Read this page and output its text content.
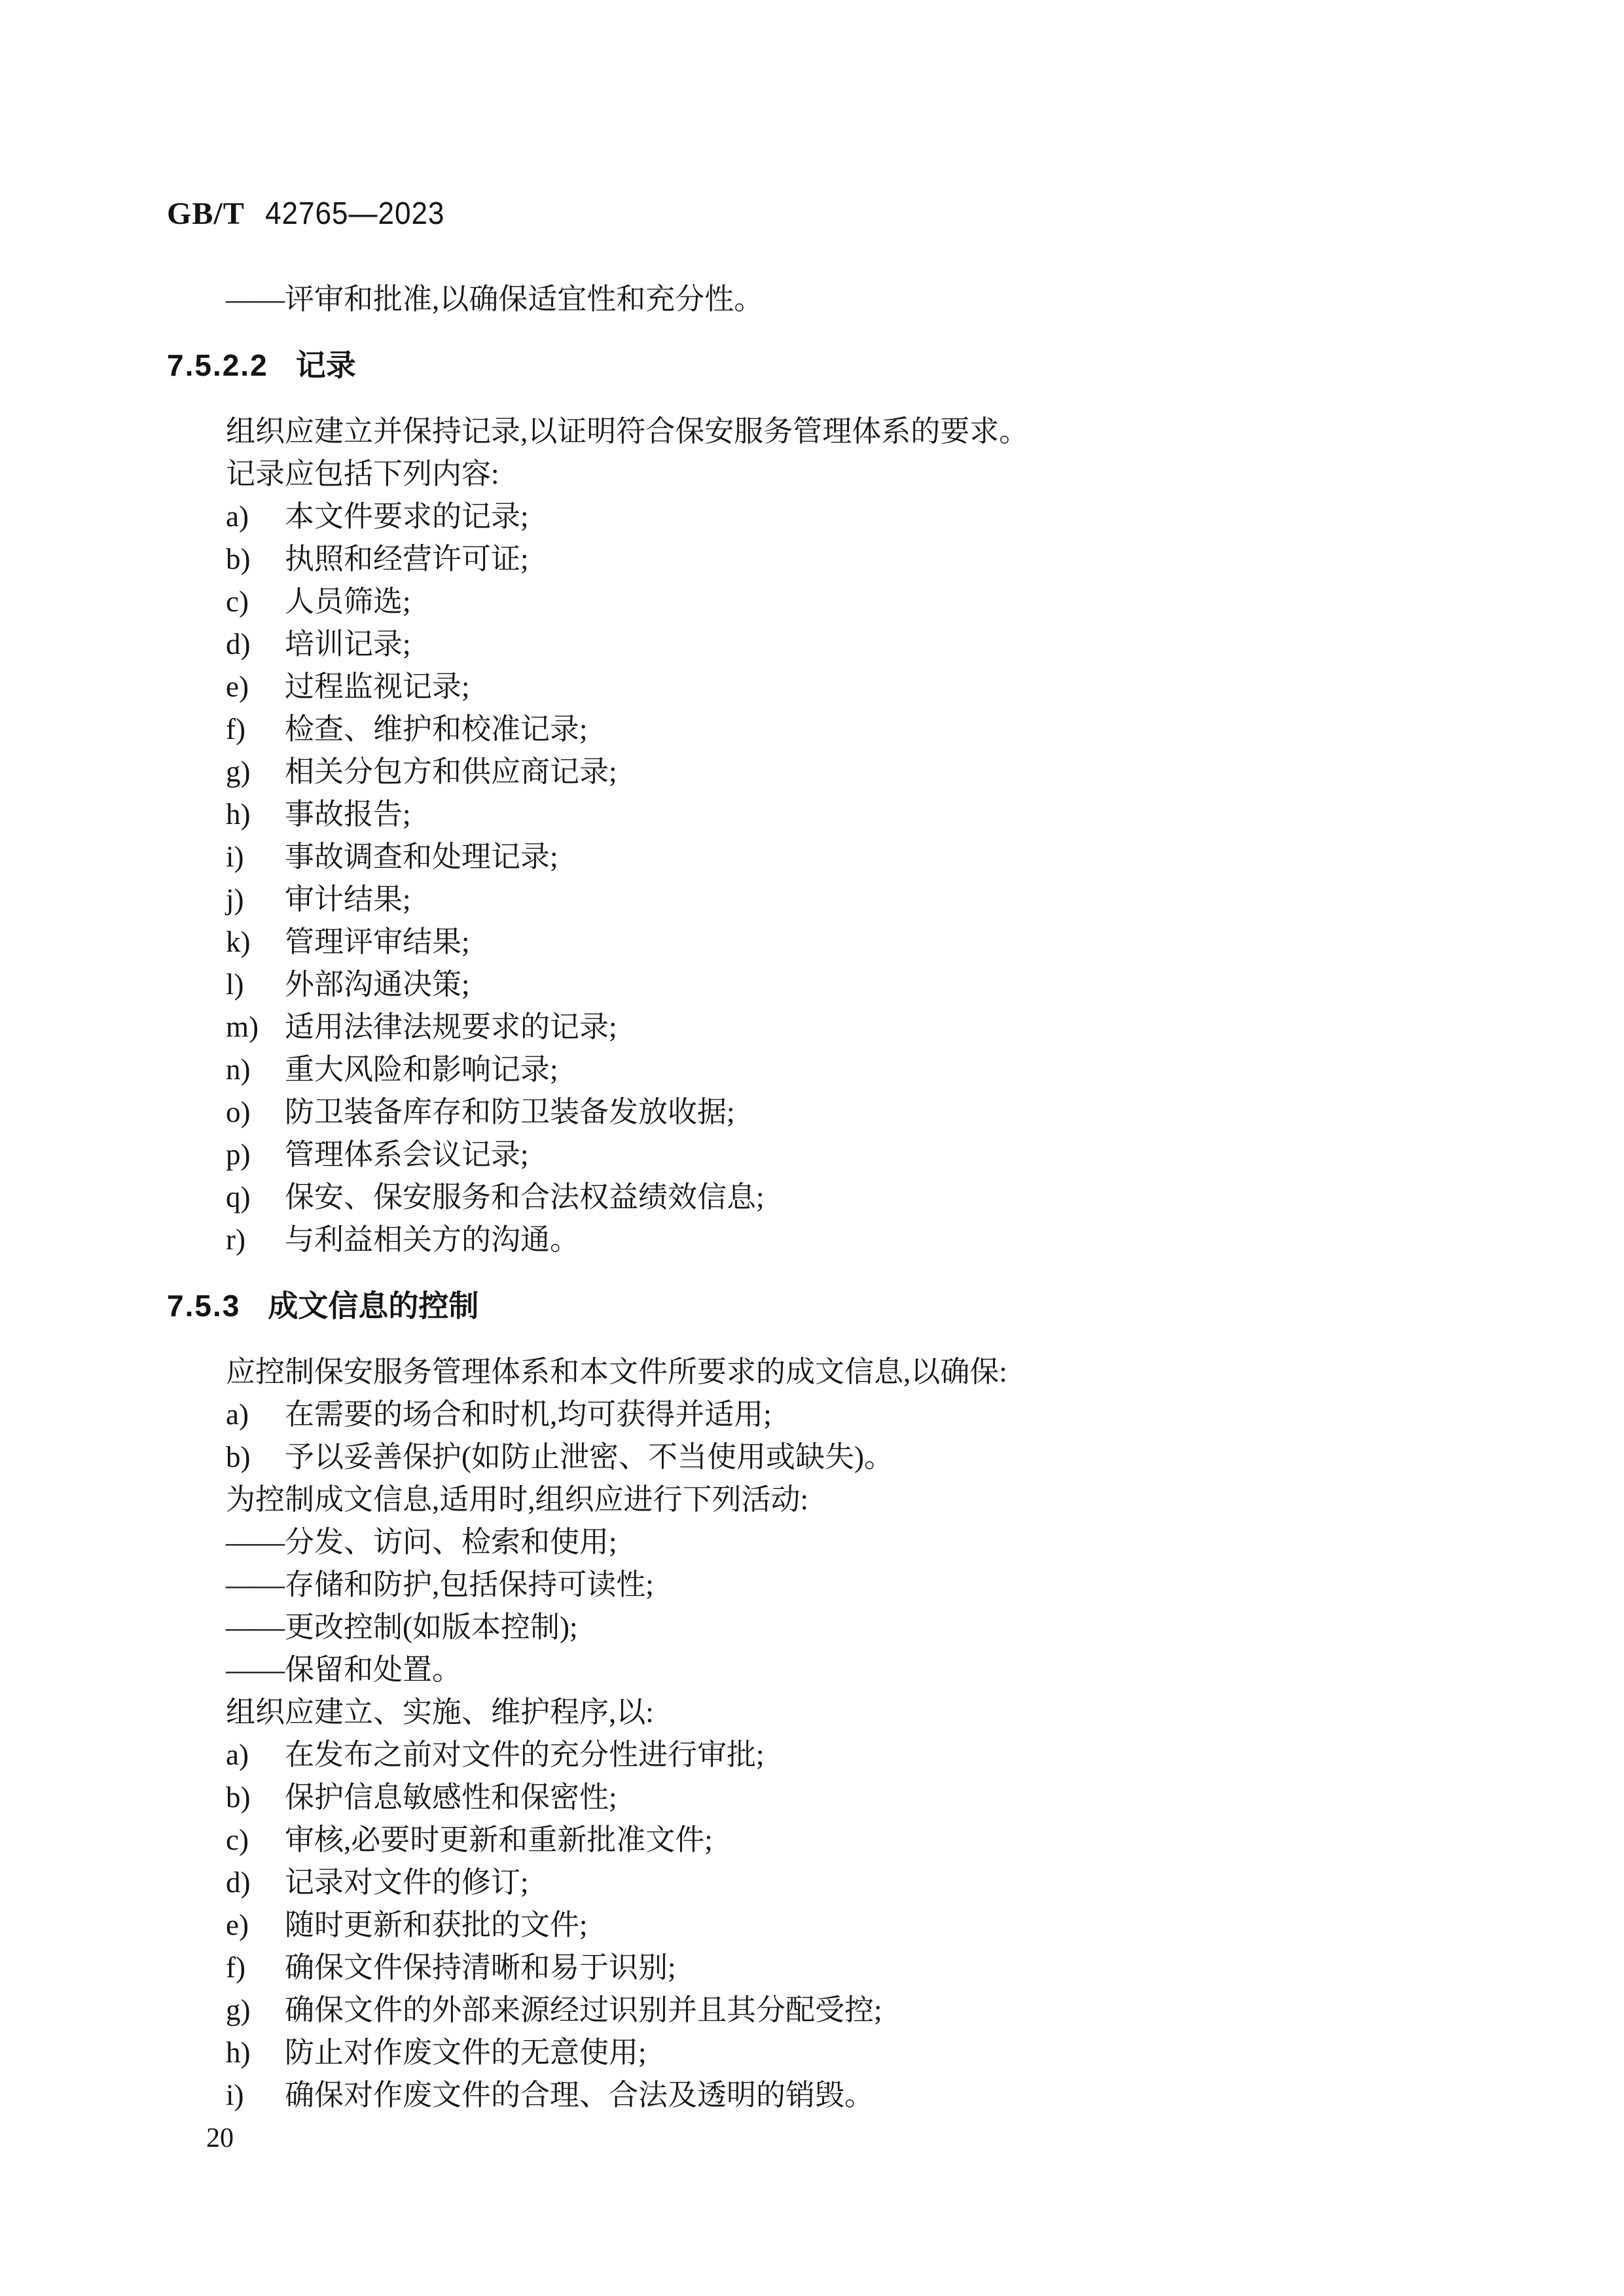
GB/T 42765—2023

——评审和批准,以确保适宜性和充分性。

7.5.2.2 记录

组织应建立并保持记录,以证明符合保安服务管理体系的要求。

记录应包括下列内容:

a) 本文件要求的记录;

b) 执照和经营许可证;

c) 人员筛选;

d) 培训记录;

e) 过程监视记录;

f) 检查、维护和校准记录;

g) 相关分包方和供应商记录;

h) 事故报告;

i) 事故调查和处理记录;

j) 审计结果;

k) 管理评审结果;

l) 外部沟通决策;

m) 适用法律法规要求的记录;

n) 重大风险和影响记录;

o) 防卫装备库存和防卫装备发放收据;

p) 管理体系会议记录;

q) 保安、保安服务和合法权益绩效信息;

r) 与利益相关方的沟通。

7.5.3 成文信息的控制

应控制保安服务管理体系和本文件所要求的成文信息,以确保:

a) 在需要的场合和时机,均可获得并适用;

b) 予以妥善保护(如防止泄密、不当使用或缺失)。

为控制成文信息,适用时,组织应进行下列活动:

——分发、访问、检索和使用;

——存储和防护,包括保持可读性;

——更改控制(如版本控制);

——保留和处置。

组织应建立、实施、维护程序,以:

a) 在发布之前对文件的充分性进行审批;

b) 保护信息敏感性和保密性;

c) 审核,必要时更新和重新批准文件;

d) 记录对文件的修订;

e) 随时更新和获批的文件;

f) 确保文件保持清晰和易于识别;

g) 确保文件的外部来源经过识别并且其分配受控;

h) 防止对作废文件的无意使用;

i) 确保对作废文件的合理、合法及透明的销毁。

20
